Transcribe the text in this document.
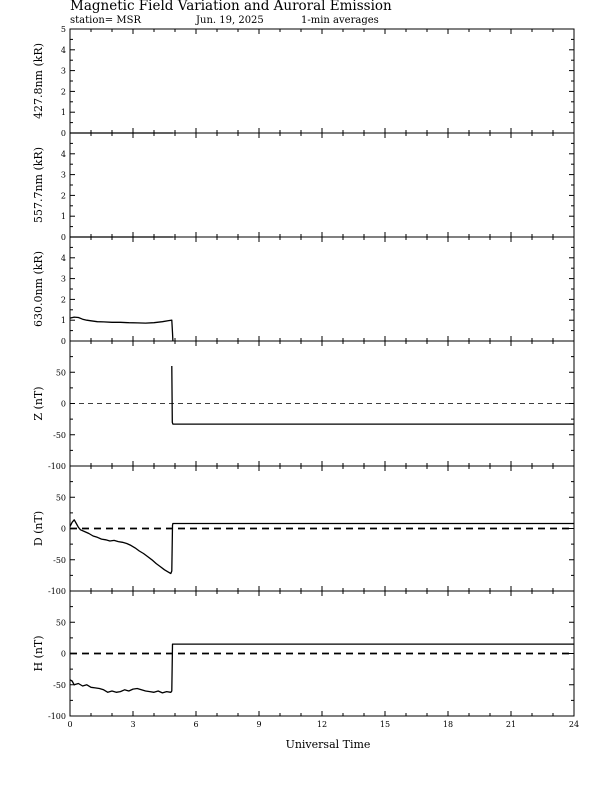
Magnetic Field Variation and Auroral Emission
station= MSR	Jun. 19, 2025	1-min averages
0
1
2
3
4
5
427.8nm (kR)
0
1
2
3
4
557.7nm (kR)
0
1
2
3
4
630.0nm (kR)
-100
-50
0
50
Z (nT)
-100
-50
0
50
D (nT)
-100
-50
0
50
H (nT)
0	3	6	9	12	15	18	21	24
Universal Time
